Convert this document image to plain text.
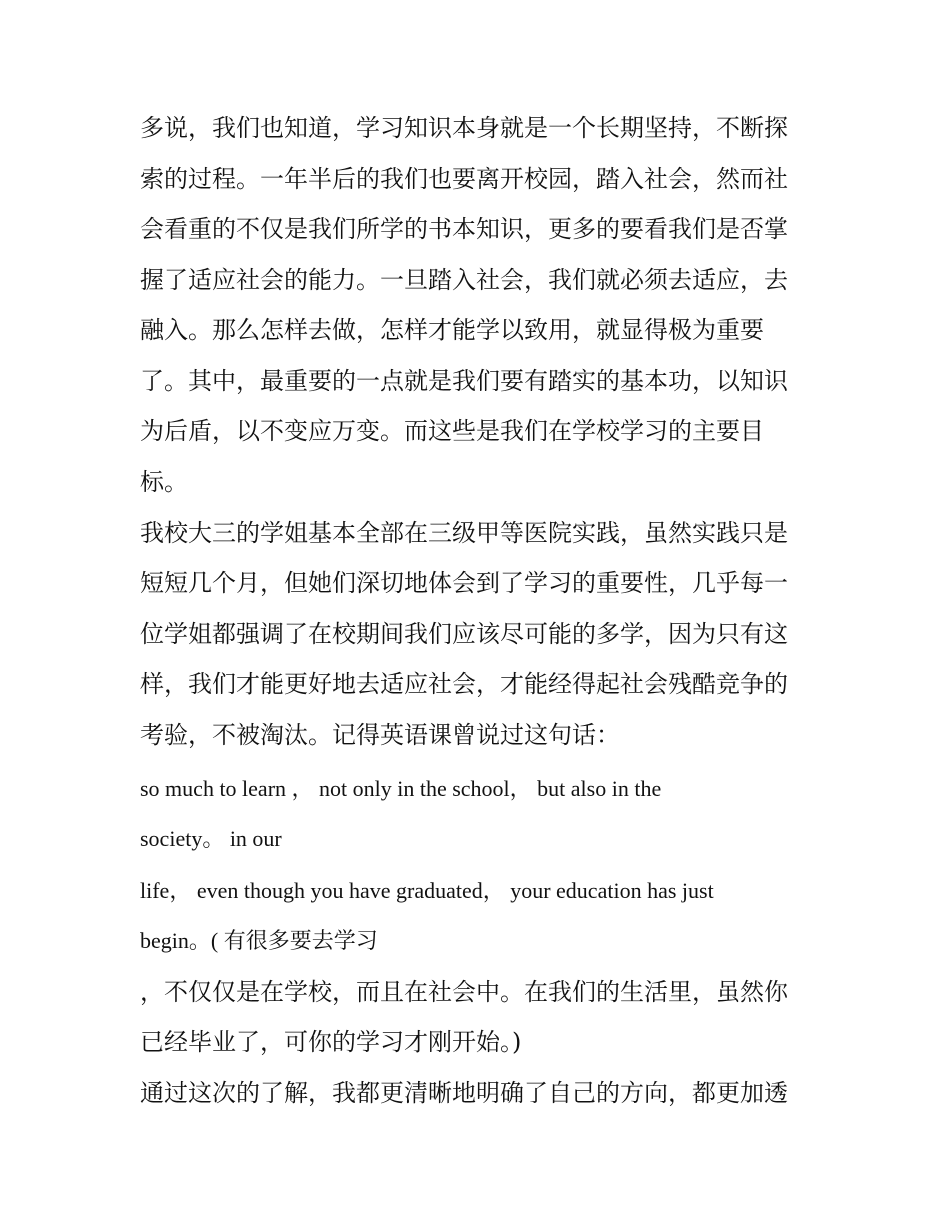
多说，我们也知道，学习知识本身就是一个长期坚持，不断探
索的过程。一年半后的我们也要离开校园，踏入社会，然而社
会看重的不仅是我们所学的书本知识，更多的要看我们是否掌
握了适应社会的能力。一旦踏入社会，我们就必须去适应，去
融入。那么怎样去做，怎样才能学以致用，就显得极为重要
了。其中，最重要的一点就是我们要有踏实的基本功，以知识
为后盾，以不变应万变。而这些是我们在学校学习的主要目
标。
我校大三的学姐基本全部在三级甲等医院实践，虽然实践只是
短短几个月，但她们深切地体会到了学习的重要性，几乎每一
位学姐都强调了在校期间我们应该尽可能的多学，因为只有这
样，我们才能更好地去适应社会，才能经得起社会残酷竞争的
考验，不被淘汰。记得英语课曾说过这句话：
so much to learn ， not only in the school， but also in the
society。 in our
life， even though you have graduated， your education has just
begin。( 有很多要去学习
，不仅仅是在学校，而且在社会中。在我们的生活里，虽然你
已经毕业了，可你的学习才刚开始。)
通过这次的了解，我都更清晰地明确了自己的方向，都更加透
